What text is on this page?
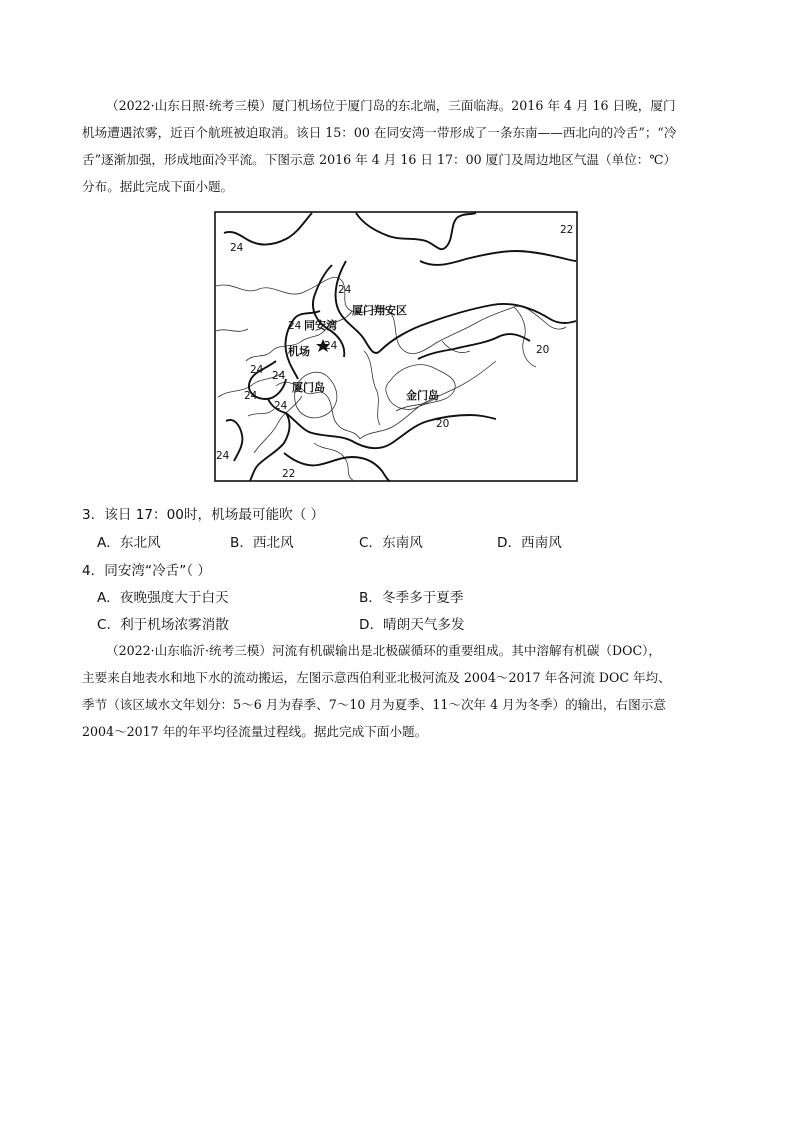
（2022·山东日照·统考三模）厦门机场位于厦门岛的东北端，三面临海。2016 年 4 月 16 日晚，厦门
机场遭遇浓雾，近百个航班被迫取消。该日 15：00 在同安湾一带形成了一条东南——西北向的冷舌”；“冷
舌”逐渐加强，形成地面冷平流。下图示意 2016 年 4 月 16 日 17：00 厦门及周边地区气温（单位：℃）
分布。据此完成下面小题。
24
22
24
24
24
24 24
24
24
20
20
24
22
同安湾
厦门翔安区
机场
厦门岛
金门岛
3．该日 17：00时，机场最可能吹（ ）
A．东北风	B．西北风	C．东南风	D．西南风
4．同安湾“冷舌”（ ）
A．夜晚强度大于白天	B．冬季多于夏季
C．利于机场浓雾消散	D．晴朗天气多发
（2022·山东临沂·统考三模）河流有机碳输出是北极碳循环的重要组成。其中溶解有机碳（DOC），
主要来自地表水和地下水的流动搬运，左图示意西伯利亚北极河流及 2004～2017 年各河流 DOC 年均、
季节（该区域水文年划分：5～6 月为春季、7～10 月为夏季、11～次年 4 月为冬季）的输出，右图示意
2004～2017 年的年平均径流量过程线。据此完成下面小题。
